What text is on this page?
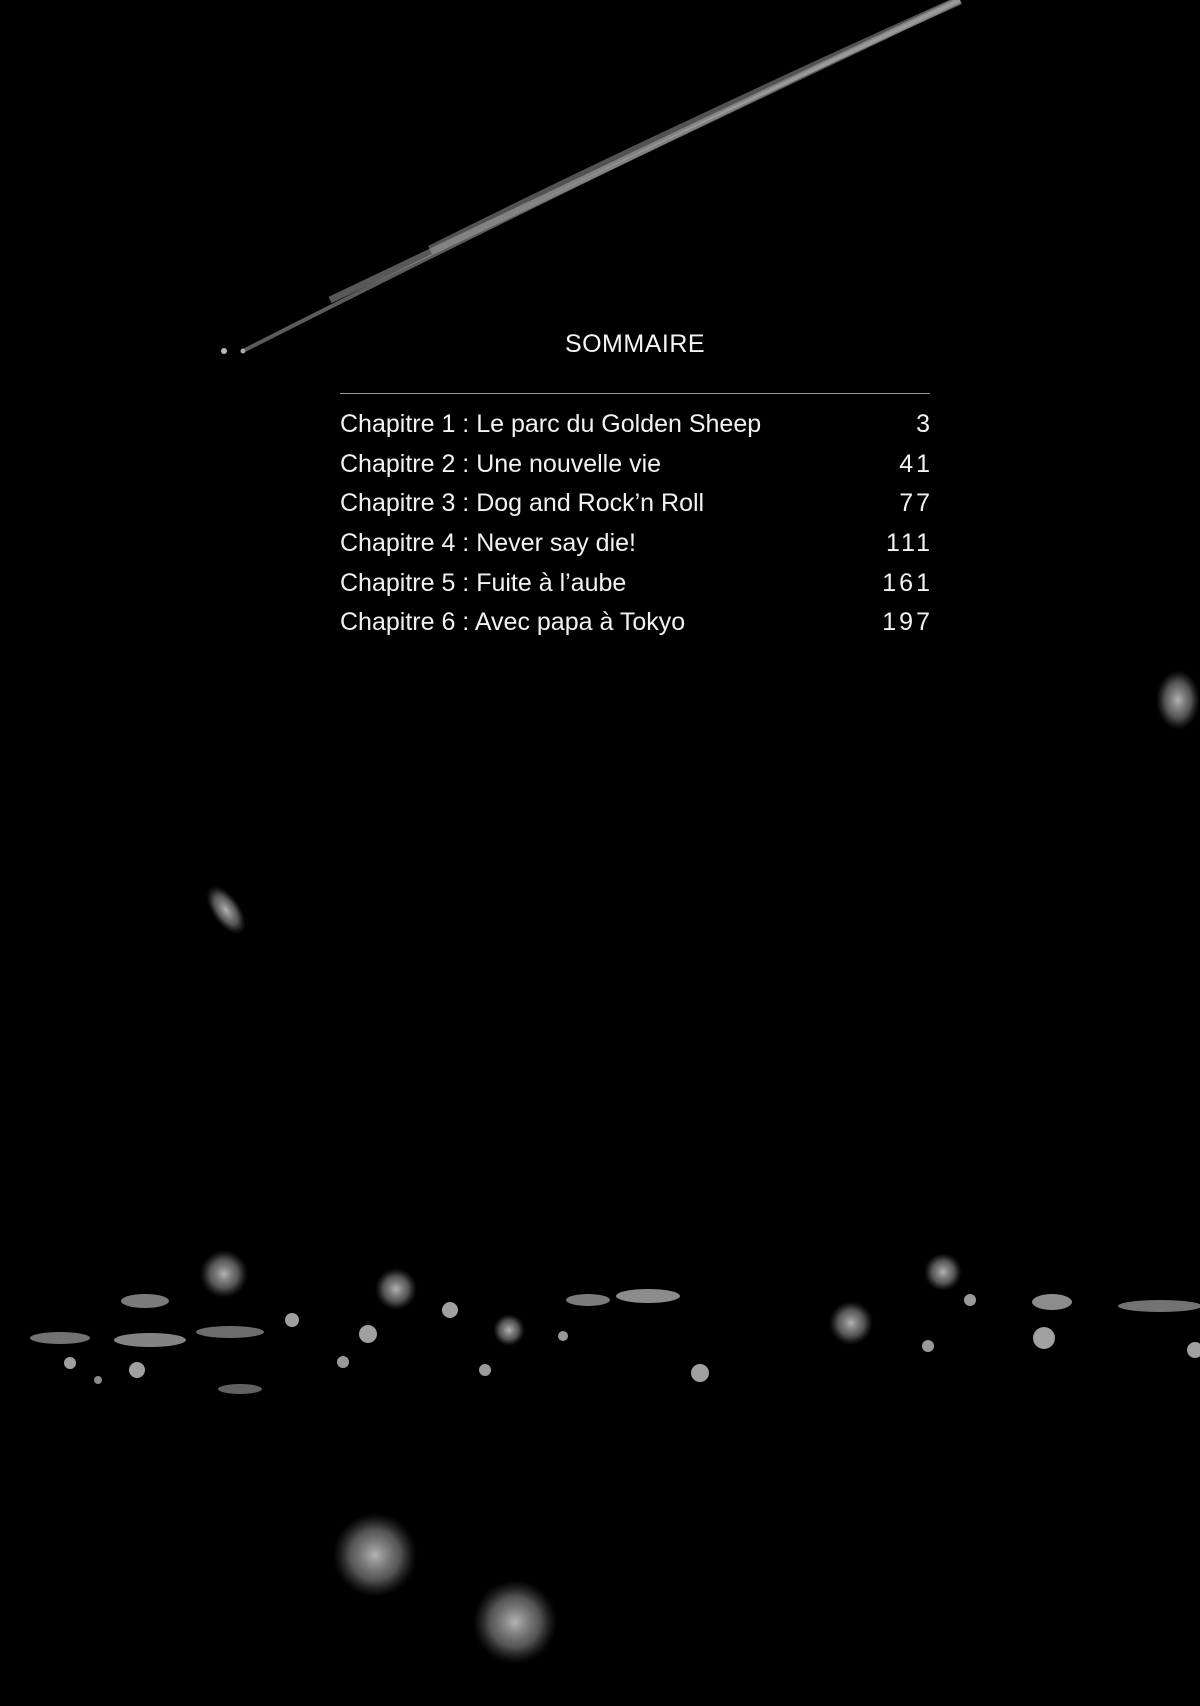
SOMMAIRE
Chapitre 1 : Le parc du Golden Sheep	3
Chapitre 2 : Une nouvelle vie	41
Chapitre 3 : Dog and Rock’n Roll	77
Chapitre 4 : Never say die!	111
Chapitre 5 : Fuite à l’aube	161
Chapitre 6 : Avec papa à Tokyo	197
